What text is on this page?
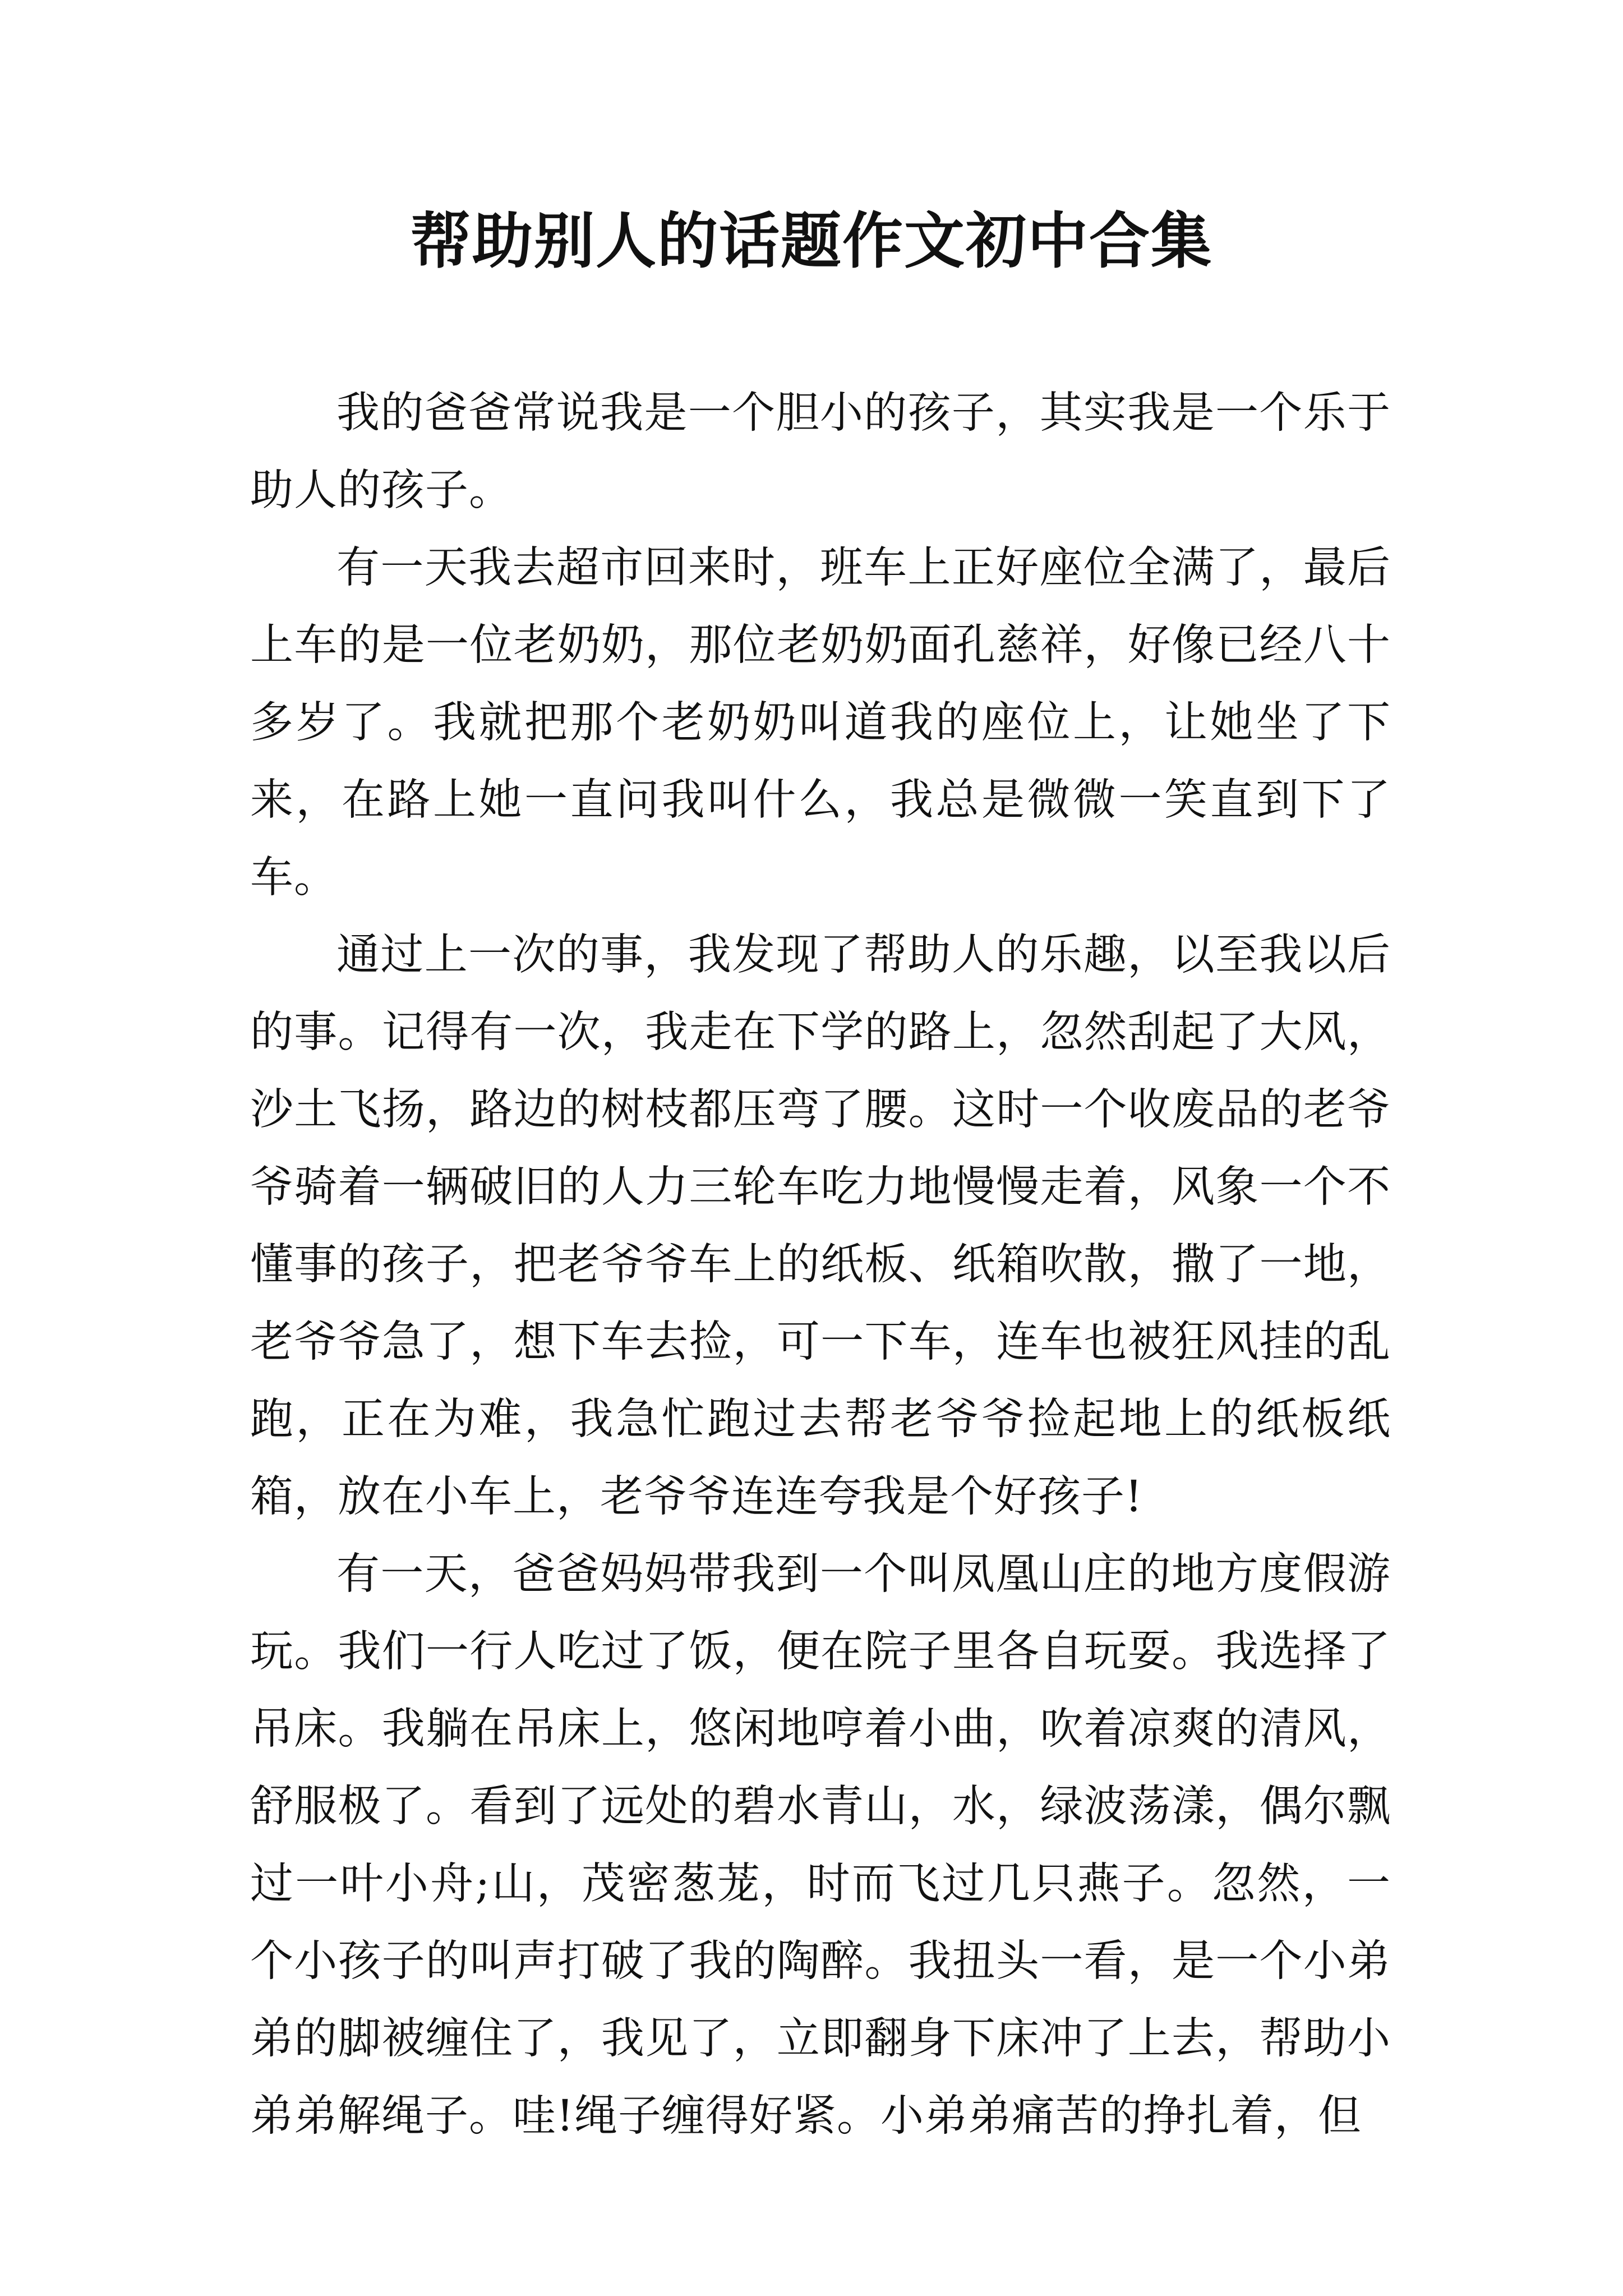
帮助别人的话题作文初中合集

我的爸爸常说我是一个胆小的孩子，其实我是一个乐于助人的孩子。

有一天我去超市回来时，班车上正好座位全满了，最后上车的是一位老奶奶，那位老奶奶面孔慈祥，好像已经八十多岁了。我就把那个老奶奶叫道我的座位上，让她坐了下来，在路上她一直问我叫什么，我总是微微一笑直到下了车。

通过上一次的事，我发现了帮助人的乐趣，以至我以后的事。记得有一次，我走在下学的路上，忽然刮起了大风，沙土飞扬，路边的树枝都压弯了腰。这时一个收废品的老爷爷骑着一辆破旧的人力三轮车吃力地慢慢走着，风象一个不懂事的孩子，把老爷爷车上的纸板、纸箱吹散，撒了一地，老爷爷急了，想下车去捡，可一下车，连车也被狂风挂的乱跑，正在为难，我急忙跑过去帮老爷爷捡起地上的纸板纸箱，放在小车上，老爷爷连连夸我是个好孩子!

有一天，爸爸妈妈带我到一个叫凤凰山庄的地方度假游玩。我们一行人吃过了饭，便在院子里各自玩耍。我选择了吊床。我躺在吊床上，悠闲地哼着小曲，吹着凉爽的清风，舒服极了。看到了远处的碧水青山，水，绿波荡漾，偶尔飘过一叶小舟;山，茂密葱茏，时而飞过几只燕子。忽然，一个小孩子的叫声打破了我的陶醉。我扭头一看，是一个小弟弟的脚被缠住了，我见了，立即翻身下床冲了上去，帮助小弟弟解绳子。哇!绳子缠得好紧。小弟弟痛苦的挣扎着，但
